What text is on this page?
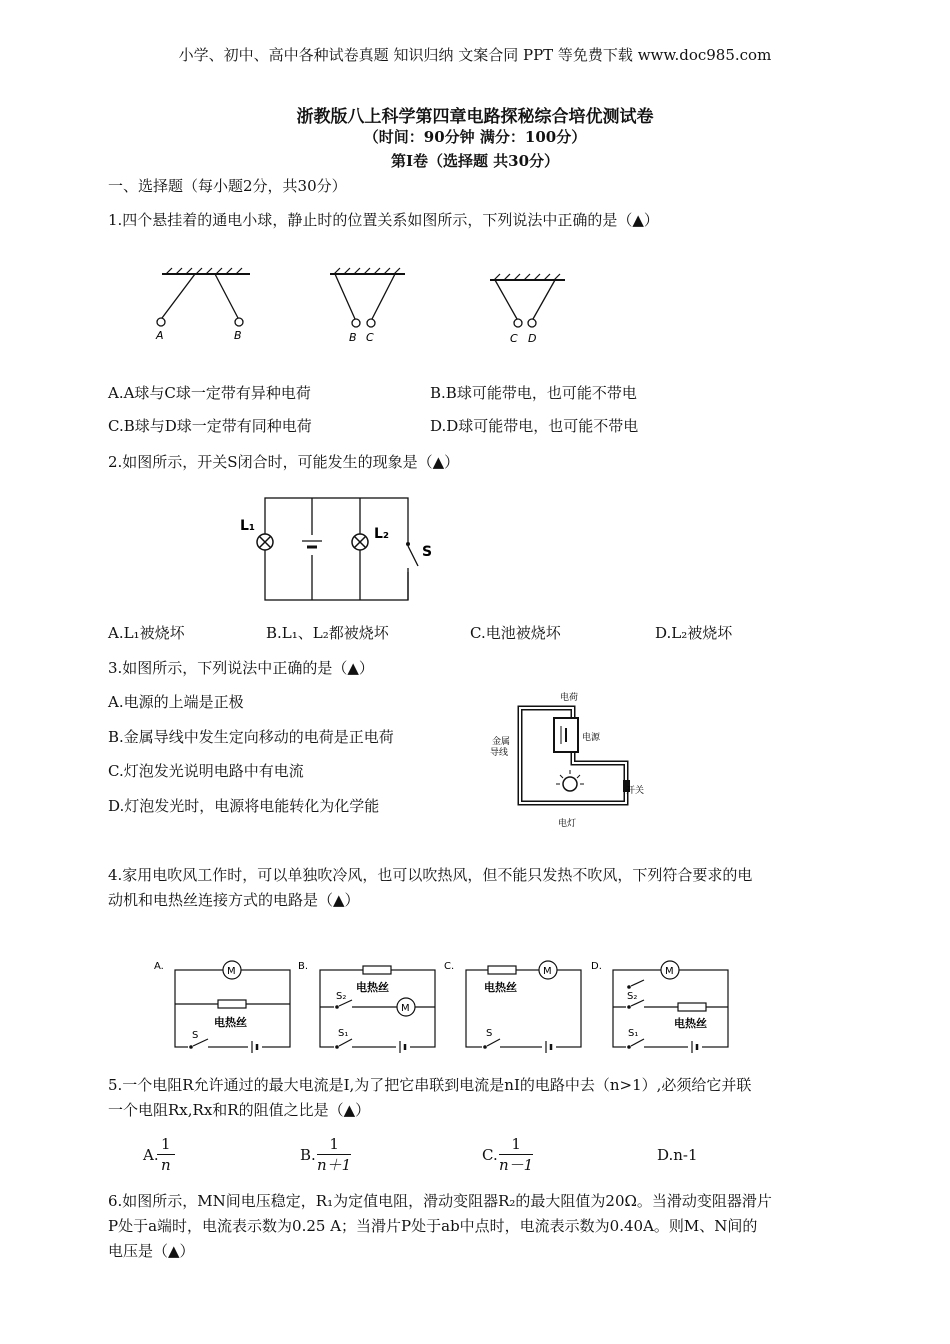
小学、初中、高中各种试卷真题 知识归纳 文案合同 PPT 等免费下载 www.doc985.com
浙教版八上科学第四章电路探秘综合培优测试卷
（时间：90分钟 满分：100分）
第Ⅰ卷（选择题 共30分）
一、选择题（每小题2分，共30分）
1.四个悬挂着的通电小球，静止时的位置关系如图所示，下列说法中正确的是（▲）
A	B	B C	C D
A.A球与C球一定带有异种电荷	B.B球可能带电，也可能不带电
C.B球与D球一定带有同种电荷	D.D球可能带电，也可能不带电
2.如图所示，开关S闭合时，可能发生的现象是（▲）
L₁	L₂
S
A.L₁被烧坏	B.L₁、L₂都被烧坏	C.电池被烧坏	D.L₂被烧坏
3.如图所示，下列说法中正确的是（▲）
A.电源的上端是正极
B.金属导线中发生定向移动的电荷是正电荷
C.灯泡发光说明电路中有电流
D.灯泡发光时，电源将电能转化为化学能
电荷
电源
金属
导线
开关
电灯
4.家用电吹风工作时，可以单独吹冷风，也可以吹热风，但不能只发热不吹风，下列符合要求的电
动机和电热丝连接方式的电路是（▲）
A.	M
电热丝
S
B.
电热丝
S₂
M
S₁
C.	M
电热丝
S
D.	M
S₂
电热丝
S₁
5.一个电阻R允许通过的最大电流是I,为了把它串联到电流是nI的电路中去（n>1）,必须给它并联
一个电阻Rx,Rx和R的阻值之比是（▲）
A.
$\frac{1}{n}$	B. $\frac{1}{n+1}$	C. $\frac{1}{n-1}$	D.n-1
6.如图所示，MN间电压稳定，R₁为定值电阻，滑动变阻器R₂的最大阻值为20Ω。当滑动变阻器滑片
P处于a端时，电流表示数为0.25 A；当滑片P处于ab中点时，电流表示数为0.40A。则M、N间的
电压是（▲）
